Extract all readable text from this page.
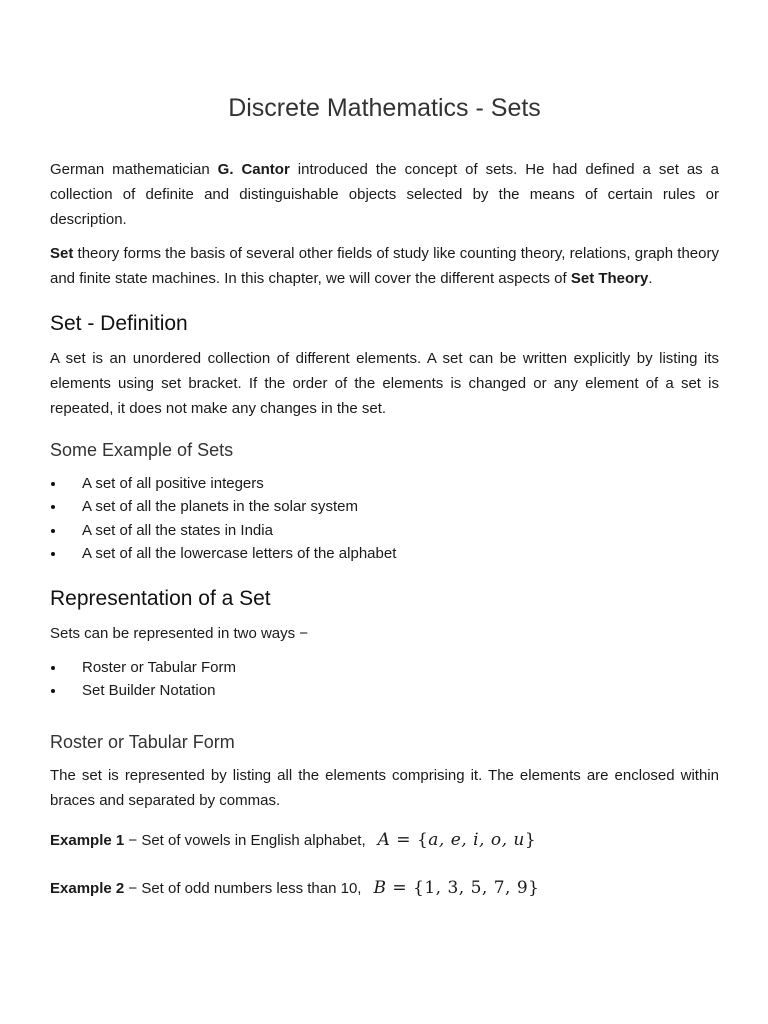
Discrete Mathematics - Sets

German mathematician G. Cantor introduced the concept of sets. He had defined a set as a collection of definite and distinguishable objects selected by the means of certain rules or description.

Set theory forms the basis of several other fields of study like counting theory, relations, graph theory and finite state machines. In this chapter, we will cover the different aspects of Set Theory.

Set - Definition

A set is an unordered collection of different elements. A set can be written explicitly by listing its elements using set bracket. If the order of the elements is changed or any element of a set is repeated, it does not make any changes in the set.

Some Example of Sets
A set of all positive integers
A set of all the planets in the solar system
A set of all the states in India
A set of all the lowercase letters of the alphabet
Representation of a Set

Sets can be represented in two ways −

Roster or Tabular Form
Set Builder Notation
Roster or Tabular Form

The set is represented by listing all the elements comprising it. The elements are enclosed within braces and separated by commas.

Example 1 − Set of vowels in English alphabet, A = {a, e, i, o, u}
Example 2 − Set of odd numbers less than 10, B = {1, 3, 5, 7, 9}
